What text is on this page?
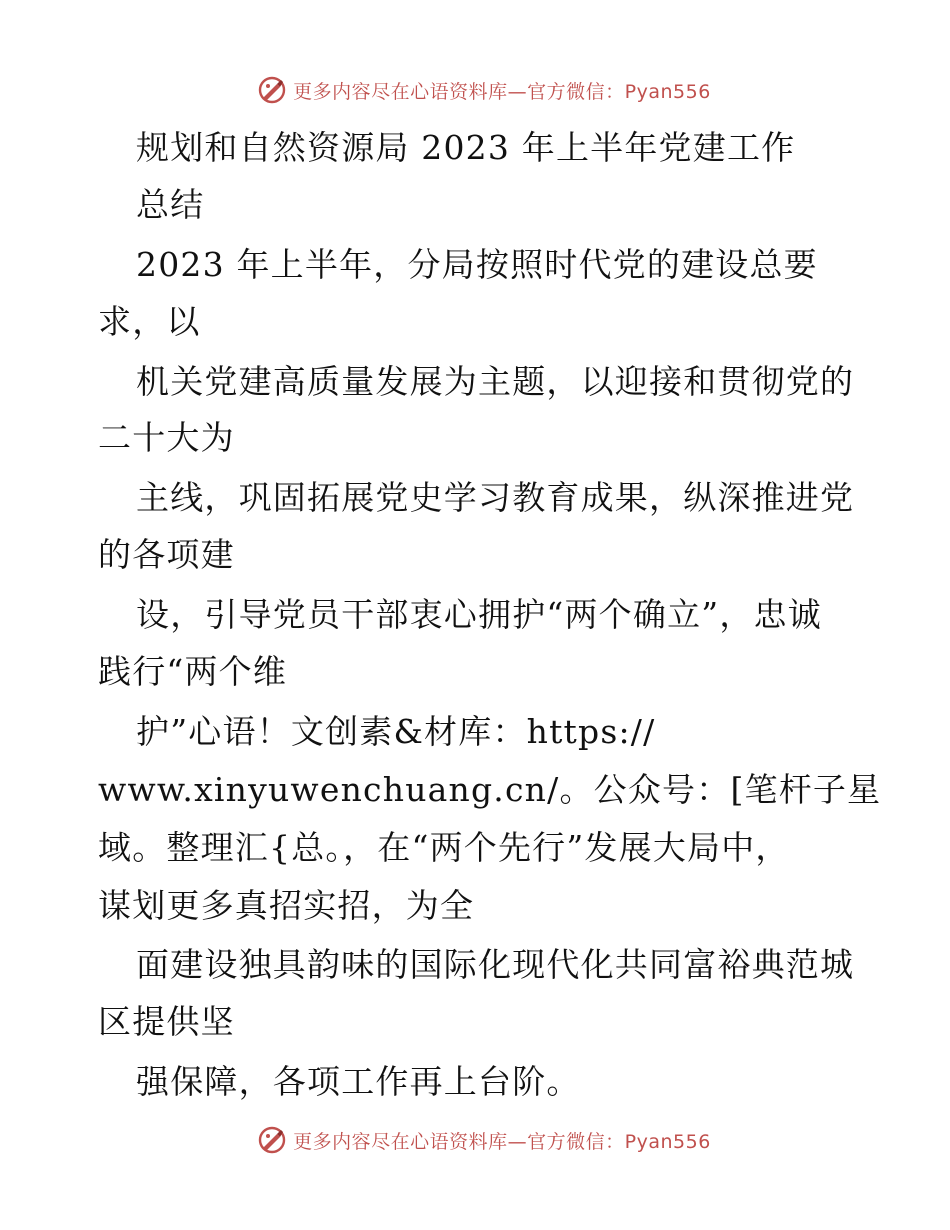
更多内容尽在心语资料库—官方微信：Pyan556
规划和自然资源局 2023 年上半年党建工作
总结
2023 年上半年，分局按照时代党的建设总要
求，以
机关党建高质量发展为主题，以迎接和贯彻党的
二十大为
主线，巩固拓展党史学习教育成果，纵深推进党
的各项建
设，引导党员干部衷心拥护“两个确立”，忠诚
践行“两个维
护”心语！文创素&材库：https://
www.xinyuwenchuang.cn/。公众号：[笔杆子星
域。整理汇{总。，在“两个先行”发展大局中，
谋划更多真招实招，为全
面建设独具韵味的国际化现代化共同富裕典范城
区提供坚
强保障，各项工作再上台阶。
更多内容尽在心语资料库—官方微信：Pyan556
